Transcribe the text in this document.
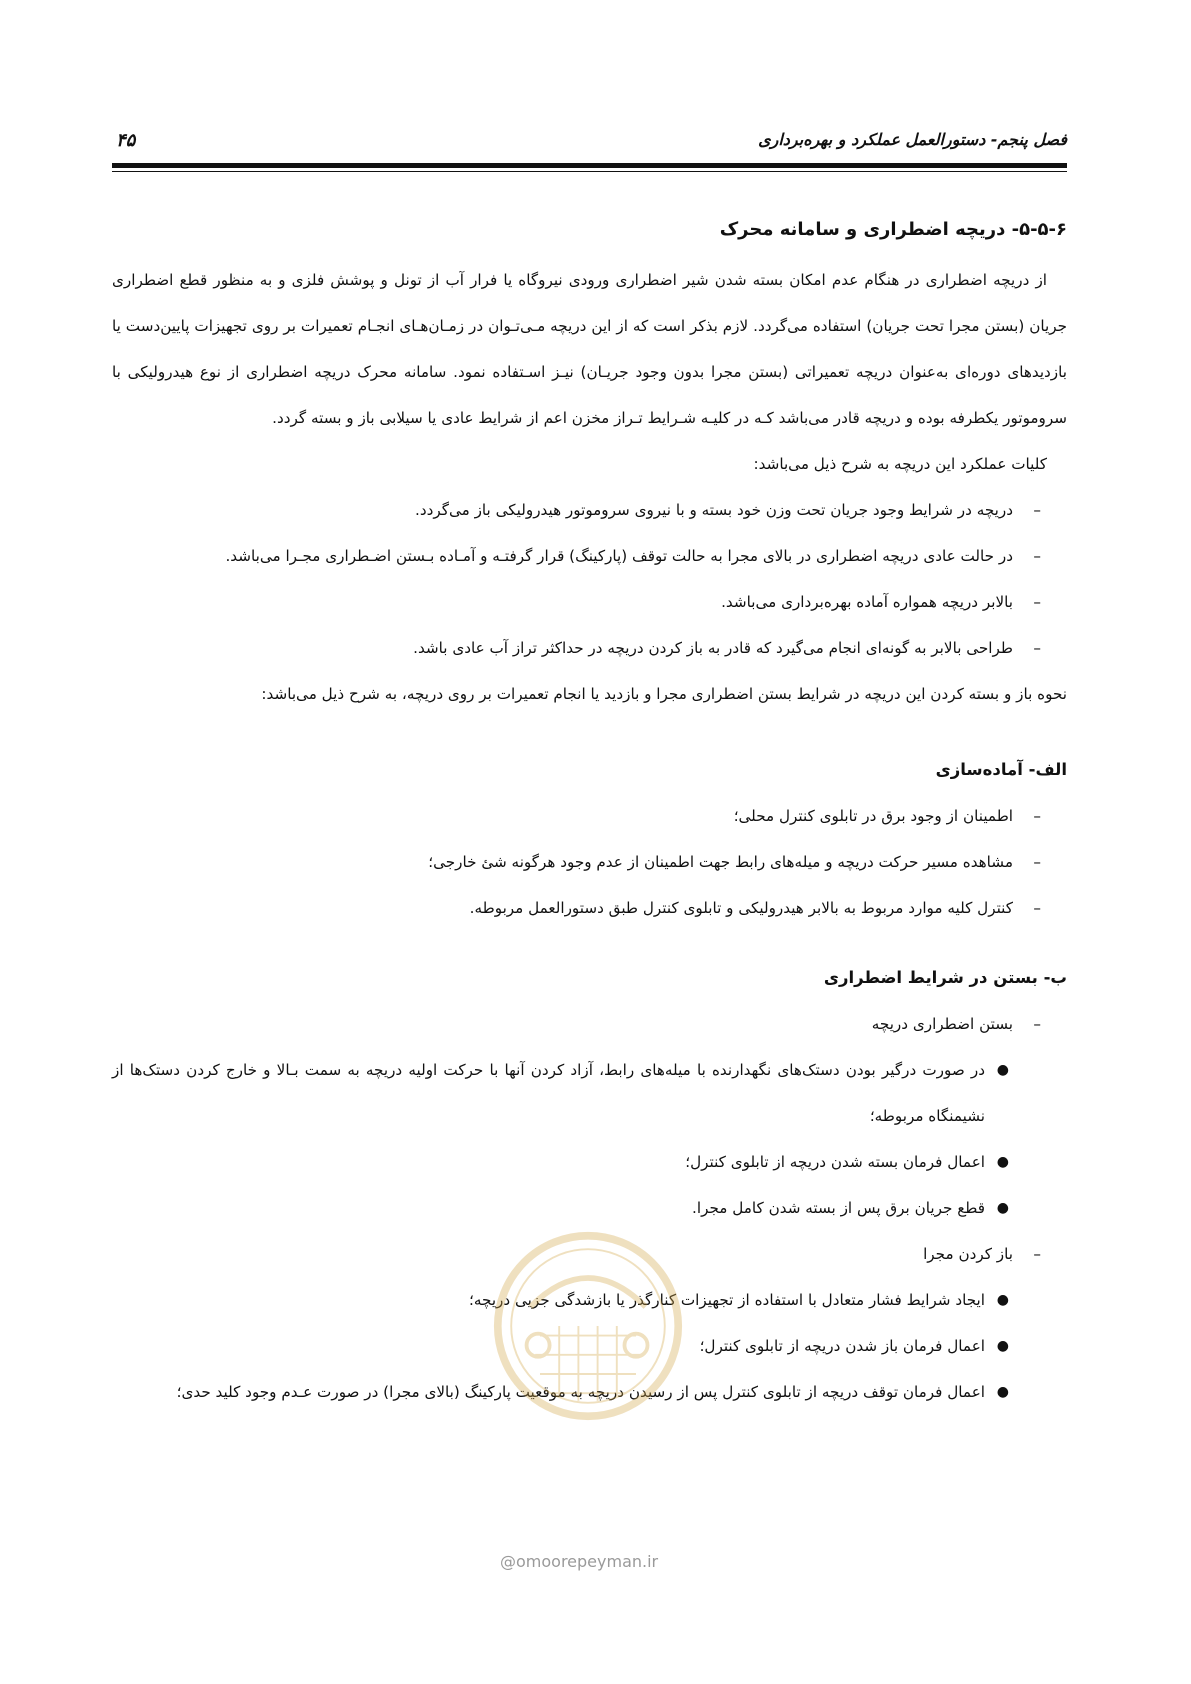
فصل پنجم- دستورالعمل عملکرد و بهره‌برداری
۴۵
۵-۵-۶- دریچه اضطراری و سامانه محرک

از دریچه اضطراری در هنگام عدم امکان بسته شدن شیر اضطراری ورودی نیروگاه یا فرار آب از تونل و پوشش فلزی و به منظور قطع اضطراری جریان (بستن مجرا تحت جریان) استفاده می‌گردد. لازم بذکر است که از این دریچه مـی‌تـوان در زمـان‌هـای انجـام تعمیرات بر روی تجهیزات پایین‌دست یا بازدیدهای دوره‌ای به‌عنوان دریچه تعمیراتی (بستن مجرا بدون وجود جریـان) نیـز اسـتفاده نمود. سامانه محرک دریچه اضطراری از نوع هیدرولیکی با سروموتور یکطرفه بوده و دریچه قادر می‌باشد کـه در کلیـه شـرایط تـراز مخزن اعم از شرایط عادی یا سیلابی باز و بسته گردد.

کلیات عملکرد این دریچه به شرح ذیل می‌باشد:

–
دریچه در شرایط وجود جریان تحت وزن خود بسته و با نیروی سروموتور هیدرولیکی باز می‌گردد.
–
در حالت عادی دریچه اضطراری در بالای مجرا به حالت توقف (پارکینگ) قرار گرفتـه و آمـاده بـستن اضـطراری مجـرا می‌باشد.
–
بالابر دریچه همواره آماده بهره‌برداری می‌باشد.
–
طراحی بالابر به گونه‌ای انجام می‌گیرد که قادر به باز کردن دریچه در حداکثر تراز آب عادی باشد.

نحوه باز و بسته کردن این دریچه در شرایط بستن اضطراری مجرا و بازدید یا انجام تعمیرات بر روی دریچه، به شرح ذیل می‌باشد:

الف- آماده‌سازی
–
اطمینان از وجود برق در تابلوی کنترل محلی؛
–
مشاهده مسیر حرکت دریچه و میله‌های رابط جهت اطمینان از عدم وجود هرگونه شئ خارجی؛
–
کنترل کلیه موارد مربوط به بالابر هیدرولیکی و تابلوی کنترل طبق دستورالعمل مربوطه.
ب- بستن در شرایط اضطراری
–
بستن اضطراری دریچه
●
در صورت درگیر بودن دستک‌های نگهدارنده با میله‌های رابط، آزاد کردن آنها با حرکت اولیه دریچه به سمت بـالا و خارج کردن دستک‌ها از نشیمنگاه مربوطه؛
●
اعمال فرمان بسته شدن دریچه از تابلوی کنترل؛
●
قطع جریان برق پس از بسته شدن کامل مجرا.
–
باز کردن مجرا
●
ایجاد شرایط فشار متعادل با استفاده از تجهیزات کنارگذر یا بازشدگی جزیی دریچه؛
●
اعمال فرمان باز شدن دریچه از تابلوی کنترل؛
●
اعمال فرمان توقف دریچه از تابلوی کنترل پس از رسیدن دریچه به موقعیت پارکینگ (بالای مجرا) در صورت عـدم وجود کلید حدی؛
@omoorepeyman.ir
